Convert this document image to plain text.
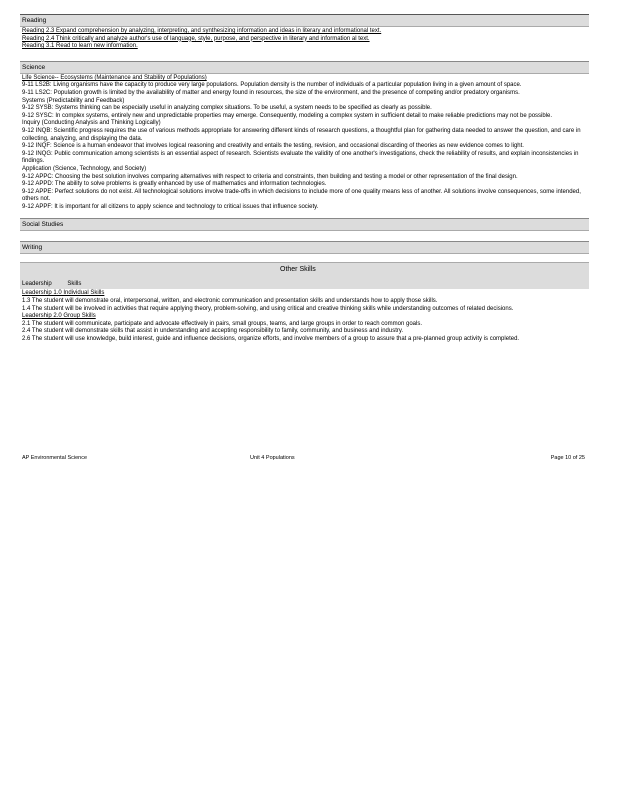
Reading
Reading 2.3 Expand comprehension by analyzing, interpreting, and synthesizing information and ideas in literary and informational text.
Reading 2.4 Think critically and analyze author's use of language, style, purpose, and perspective in literary and information al text.
Reading 3.1 Read to learn new information.
Science
Life Science-- Ecosystems (Maintenance and Stability of Populations)
9-11 LS2B: Living organisms have the capacity to produce very large populations. Population density is the number of individuals of a particular population living in a given amount of space.
9-11 LS2C: Population growth is limited by the availability of matter and energy found in resources, the size of the environment, and the presence of competing and/or predatory organisms.
Systems (Predictability and Feedback)
9-12 SYSB: Systems thinking can be especially useful in analyzing complex situations. To be useful, a system needs to be specified as clearly as possible.
9-12 SYSC: In complex systems, entirely new and unpredictable properties may emerge. Consequently, modeling a complex system in sufficient detail to make reliable predictions may not be possible.
Inquiry (Conducting Analysis and Thinking Logically)
9-12 INQB: Scientific progress requires the use of various methods appropriate for answering different kinds of research questions, a thoughtful plan for gathering data needed to answer the question, and care in collecting, analyzing, and displaying the data.
9-12 INQF: Science is a human endeavor that involves logical reasoning and creativity and entails the testing, revision, and occasional discarding of theories as new evidence comes to light.
9-12 INQG: Public communication among scientists is an essential aspect of research. Scientists evaluate the validity of one another's investigations, check the reliability of results, and explain inconsistencies in findings.
Application (Science, Technology, and Society)
9-12 APPC: Choosing the best solution involves comparing alternatives with respect to criteria and constraints, then building and testing a model or other representation of the final design.
9-12 APPD: The ability to solve problems is greatly enhanced by use of mathematics and information technologies.
9-12 APPE: Perfect solutions do not exist. All technological solutions involve trade-offs in which decisions to include more of one quality means less of another. All solutions involve consequences, some intended, others not.
9-12 APPF: It is important for all citizens to apply science and technology to critical issues that influence society.
Social Studies
Writing
Other Skills
Leadership	Skills
Leadership 1.0 Individual Skills
1.3 The student will demonstrate oral, interpersonal, written, and electronic communication and presentation skills and understands how to apply those skills.
1.4 The student will be involved in activities that require applying theory, problem-solving, and using critical and creative thinking skills while understanding outcomes of related decisions.
Leadership 2.0 Group Skills
2.1 The student will communicate, participate and advocate effectively in pairs, small groups, teams, and large groups in order to reach common goals.
2.4 The student will demonstrate skills that assist in understanding and accepting responsibility to family, community, and business and industry.
2.6 The student will use knowledge, build interest, guide and influence decisions, organize efforts, and involve members of a group to assure that a pre-planned group activity is completed.
AP Environmental Science	Unit 4 Populations	Page 10 of 25
